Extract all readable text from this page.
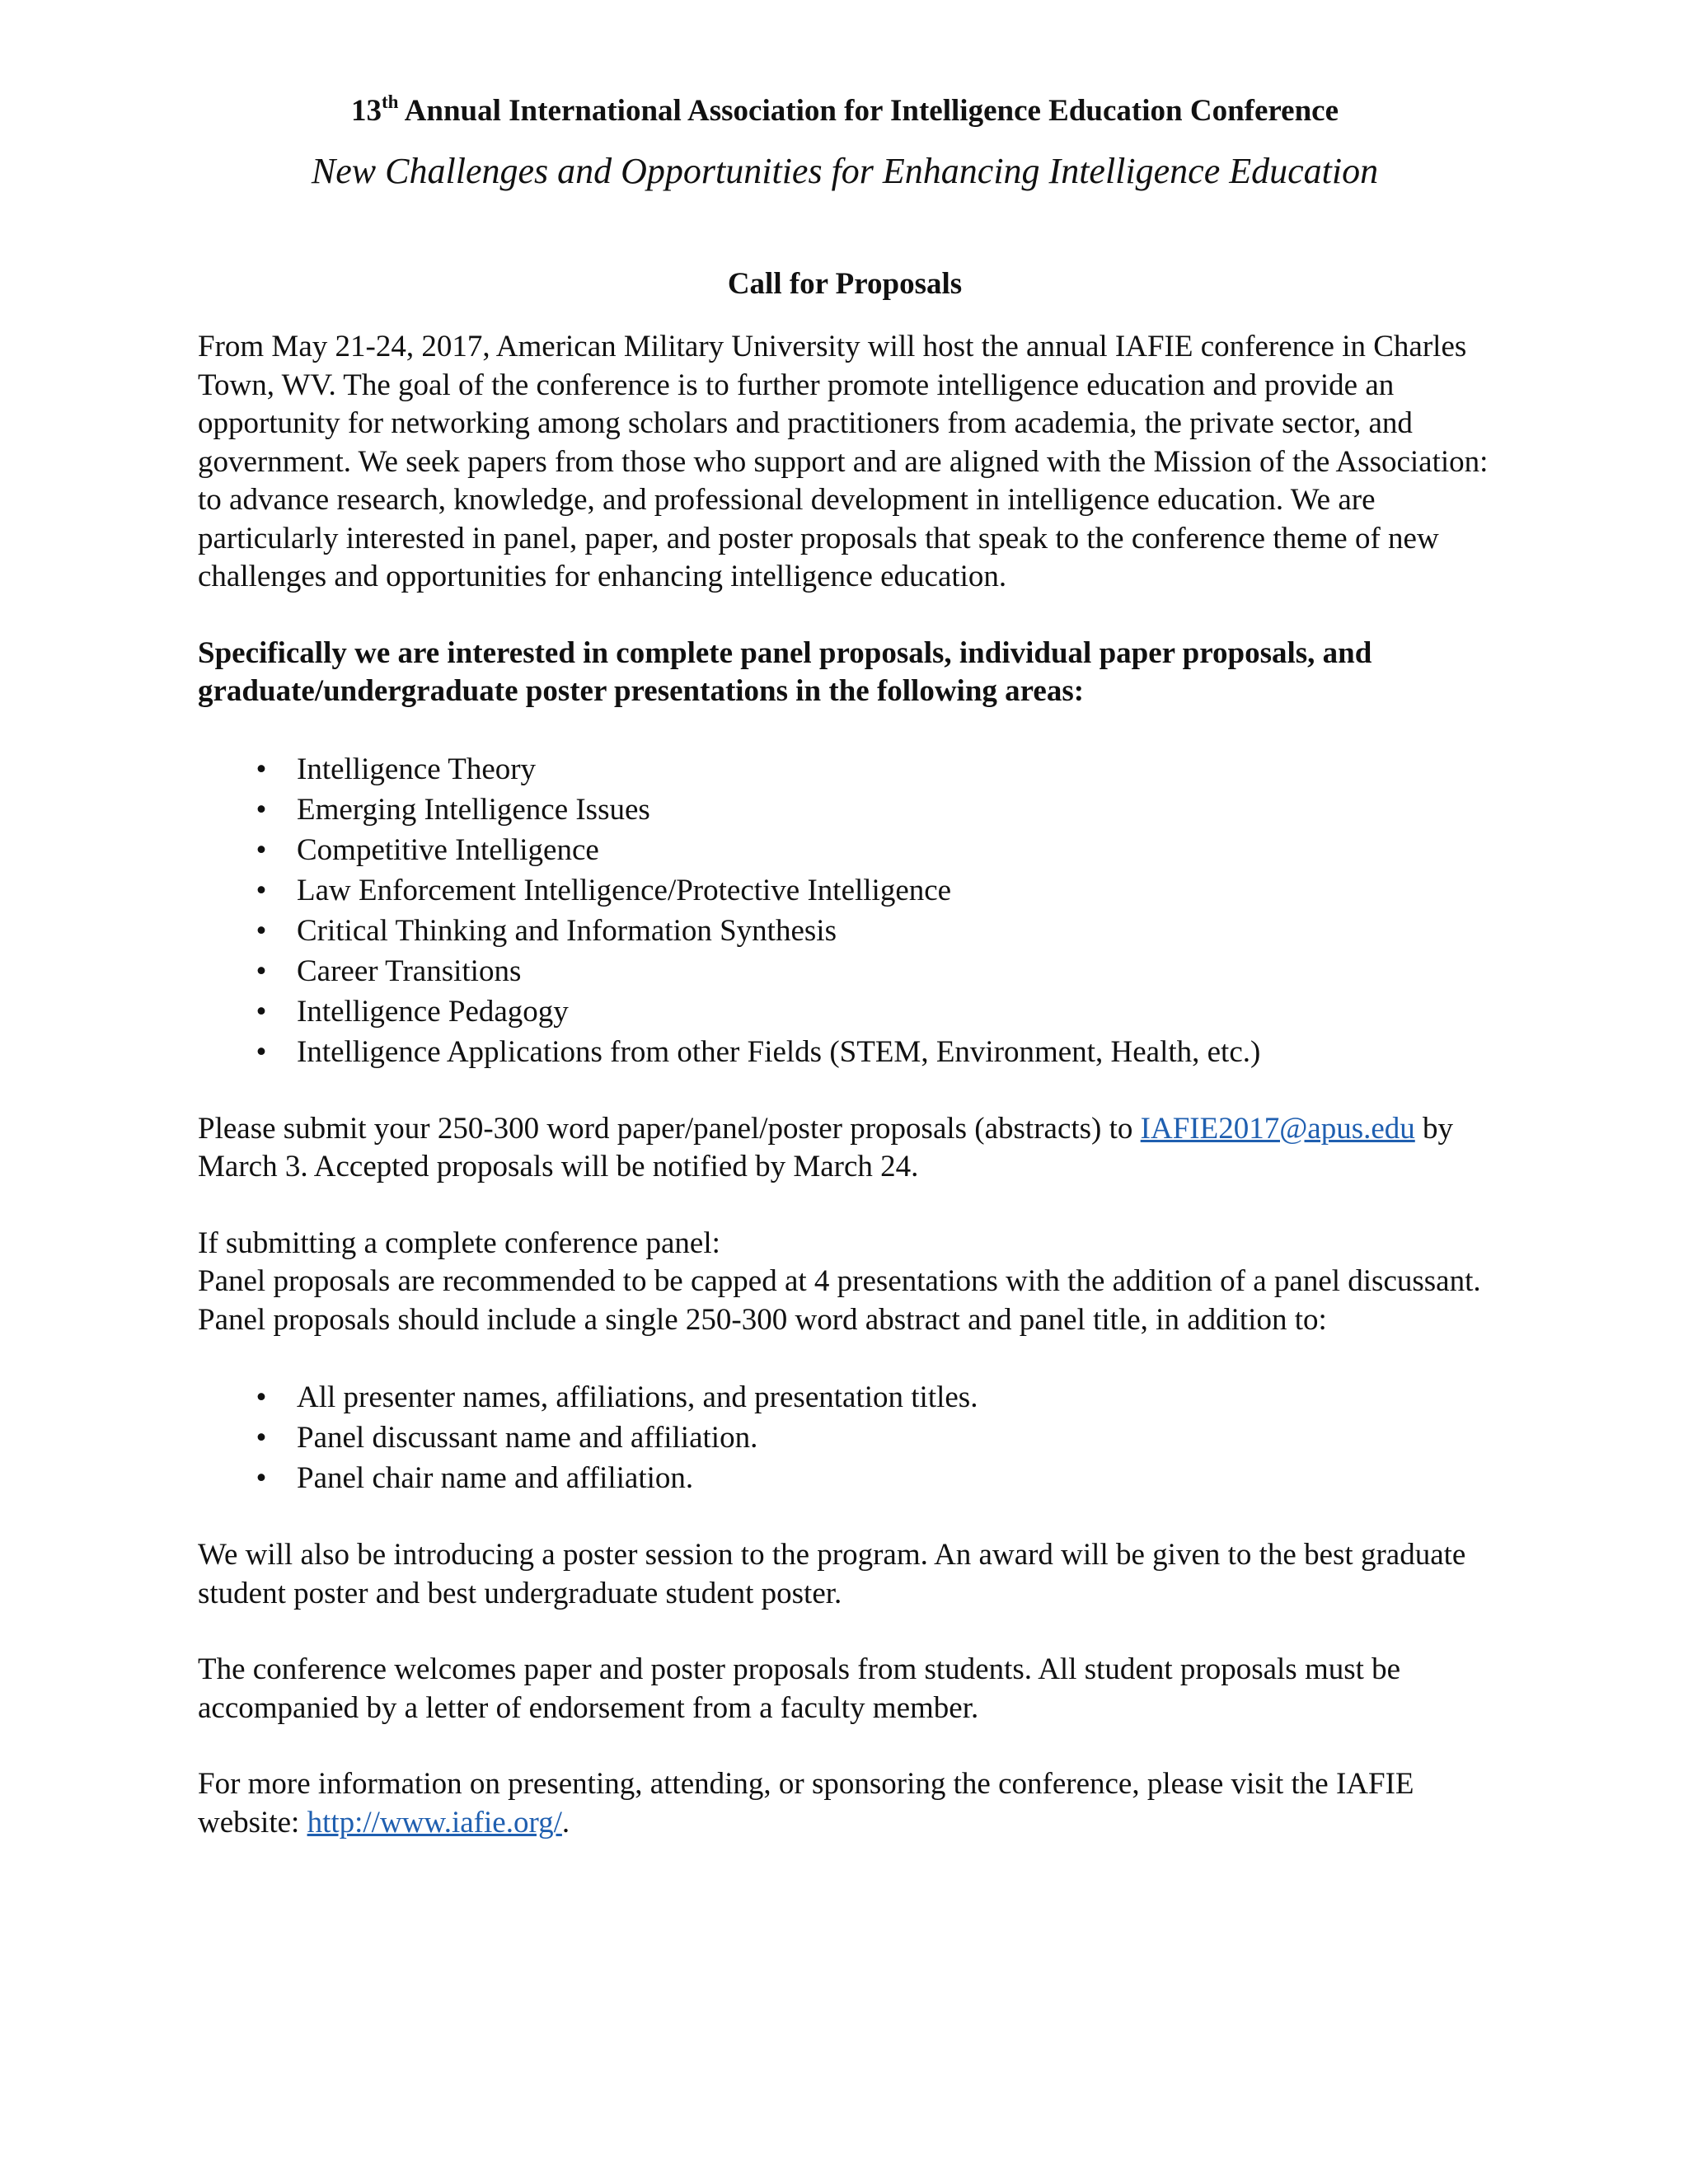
13th Annual International Association for Intelligence Education Conference
New Challenges and Opportunities for Enhancing Intelligence Education
Call for Proposals

From May 21-24, 2017, American Military University will host the annual IAFIE conference in Charles Town, WV. The goal of the conference is to further promote intelligence education and provide an opportunity for networking among scholars and practitioners from academia, the private sector, and government. We seek papers from those who support and are aligned with the Mission of the Association: to advance research, knowledge, and professional development in intelligence education. We are particularly interested in panel, paper, and poster proposals that speak to the conference theme of new challenges and opportunities for enhancing intelligence education.

Specifically we are interested in complete panel proposals, individual paper proposals, and graduate/undergraduate poster presentations in the following areas:

• Intelligence Theory
• Emerging Intelligence Issues
• Competitive Intelligence
• Law Enforcement Intelligence/Protective Intelligence
• Critical Thinking and Information Synthesis
• Career Transitions
• Intelligence Pedagogy
• Intelligence Applications from other Fields (STEM, Environment, Health, etc.)

Please submit your 250-300 word paper/panel/poster proposals (abstracts) to IAFIE2017@apus.edu by March 3. Accepted proposals will be notified by March 24.

If submitting a complete conference panel:

Panel proposals are recommended to be capped at 4 presentations with the addition of a panel discussant. Panel proposals should include a single 250-300 word abstract and panel title, in addition to:

• All presenter names, affiliations, and presentation titles.
• Panel discussant name and affiliation.
• Panel chair name and affiliation.

We will also be introducing a poster session to the program. An award will be given to the best graduate student poster and best undergraduate student poster.

The conference welcomes paper and poster proposals from students. All student proposals must be accompanied by a letter of endorsement from a faculty member.

For more information on presenting, attending, or sponsoring the conference, please visit the IAFIE website: http://www.iafie.org/.
